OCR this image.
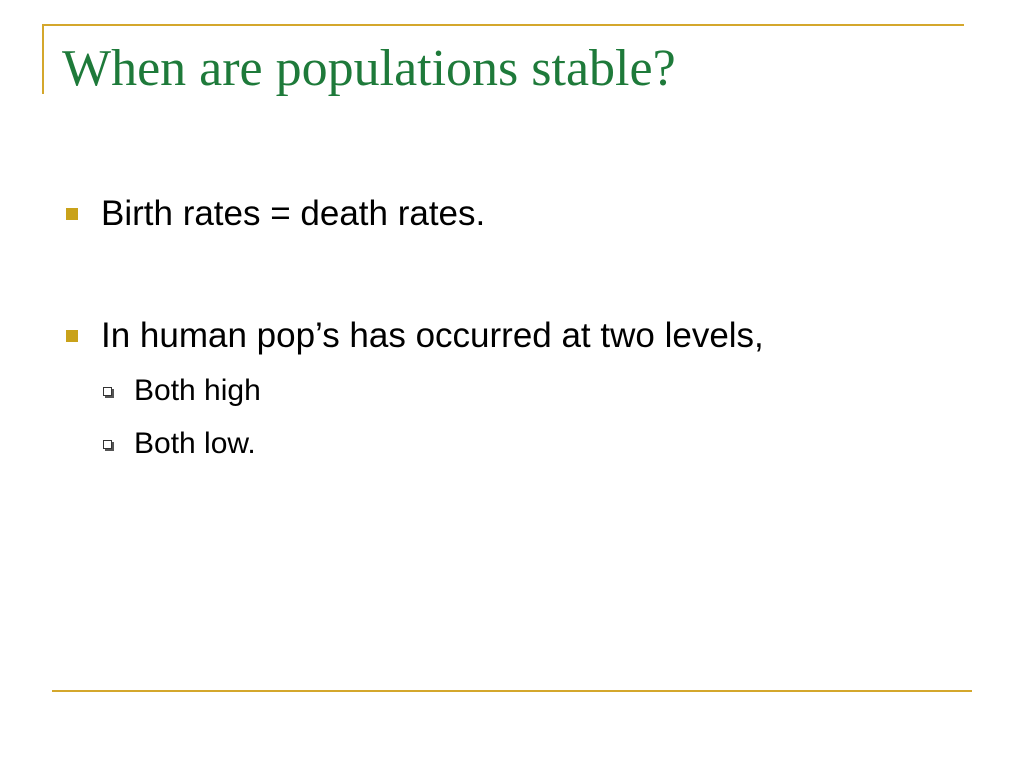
When are populations stable?
Birth rates = death rates.
In human pop’s has occurred at two levels,
Both high
Both low.
